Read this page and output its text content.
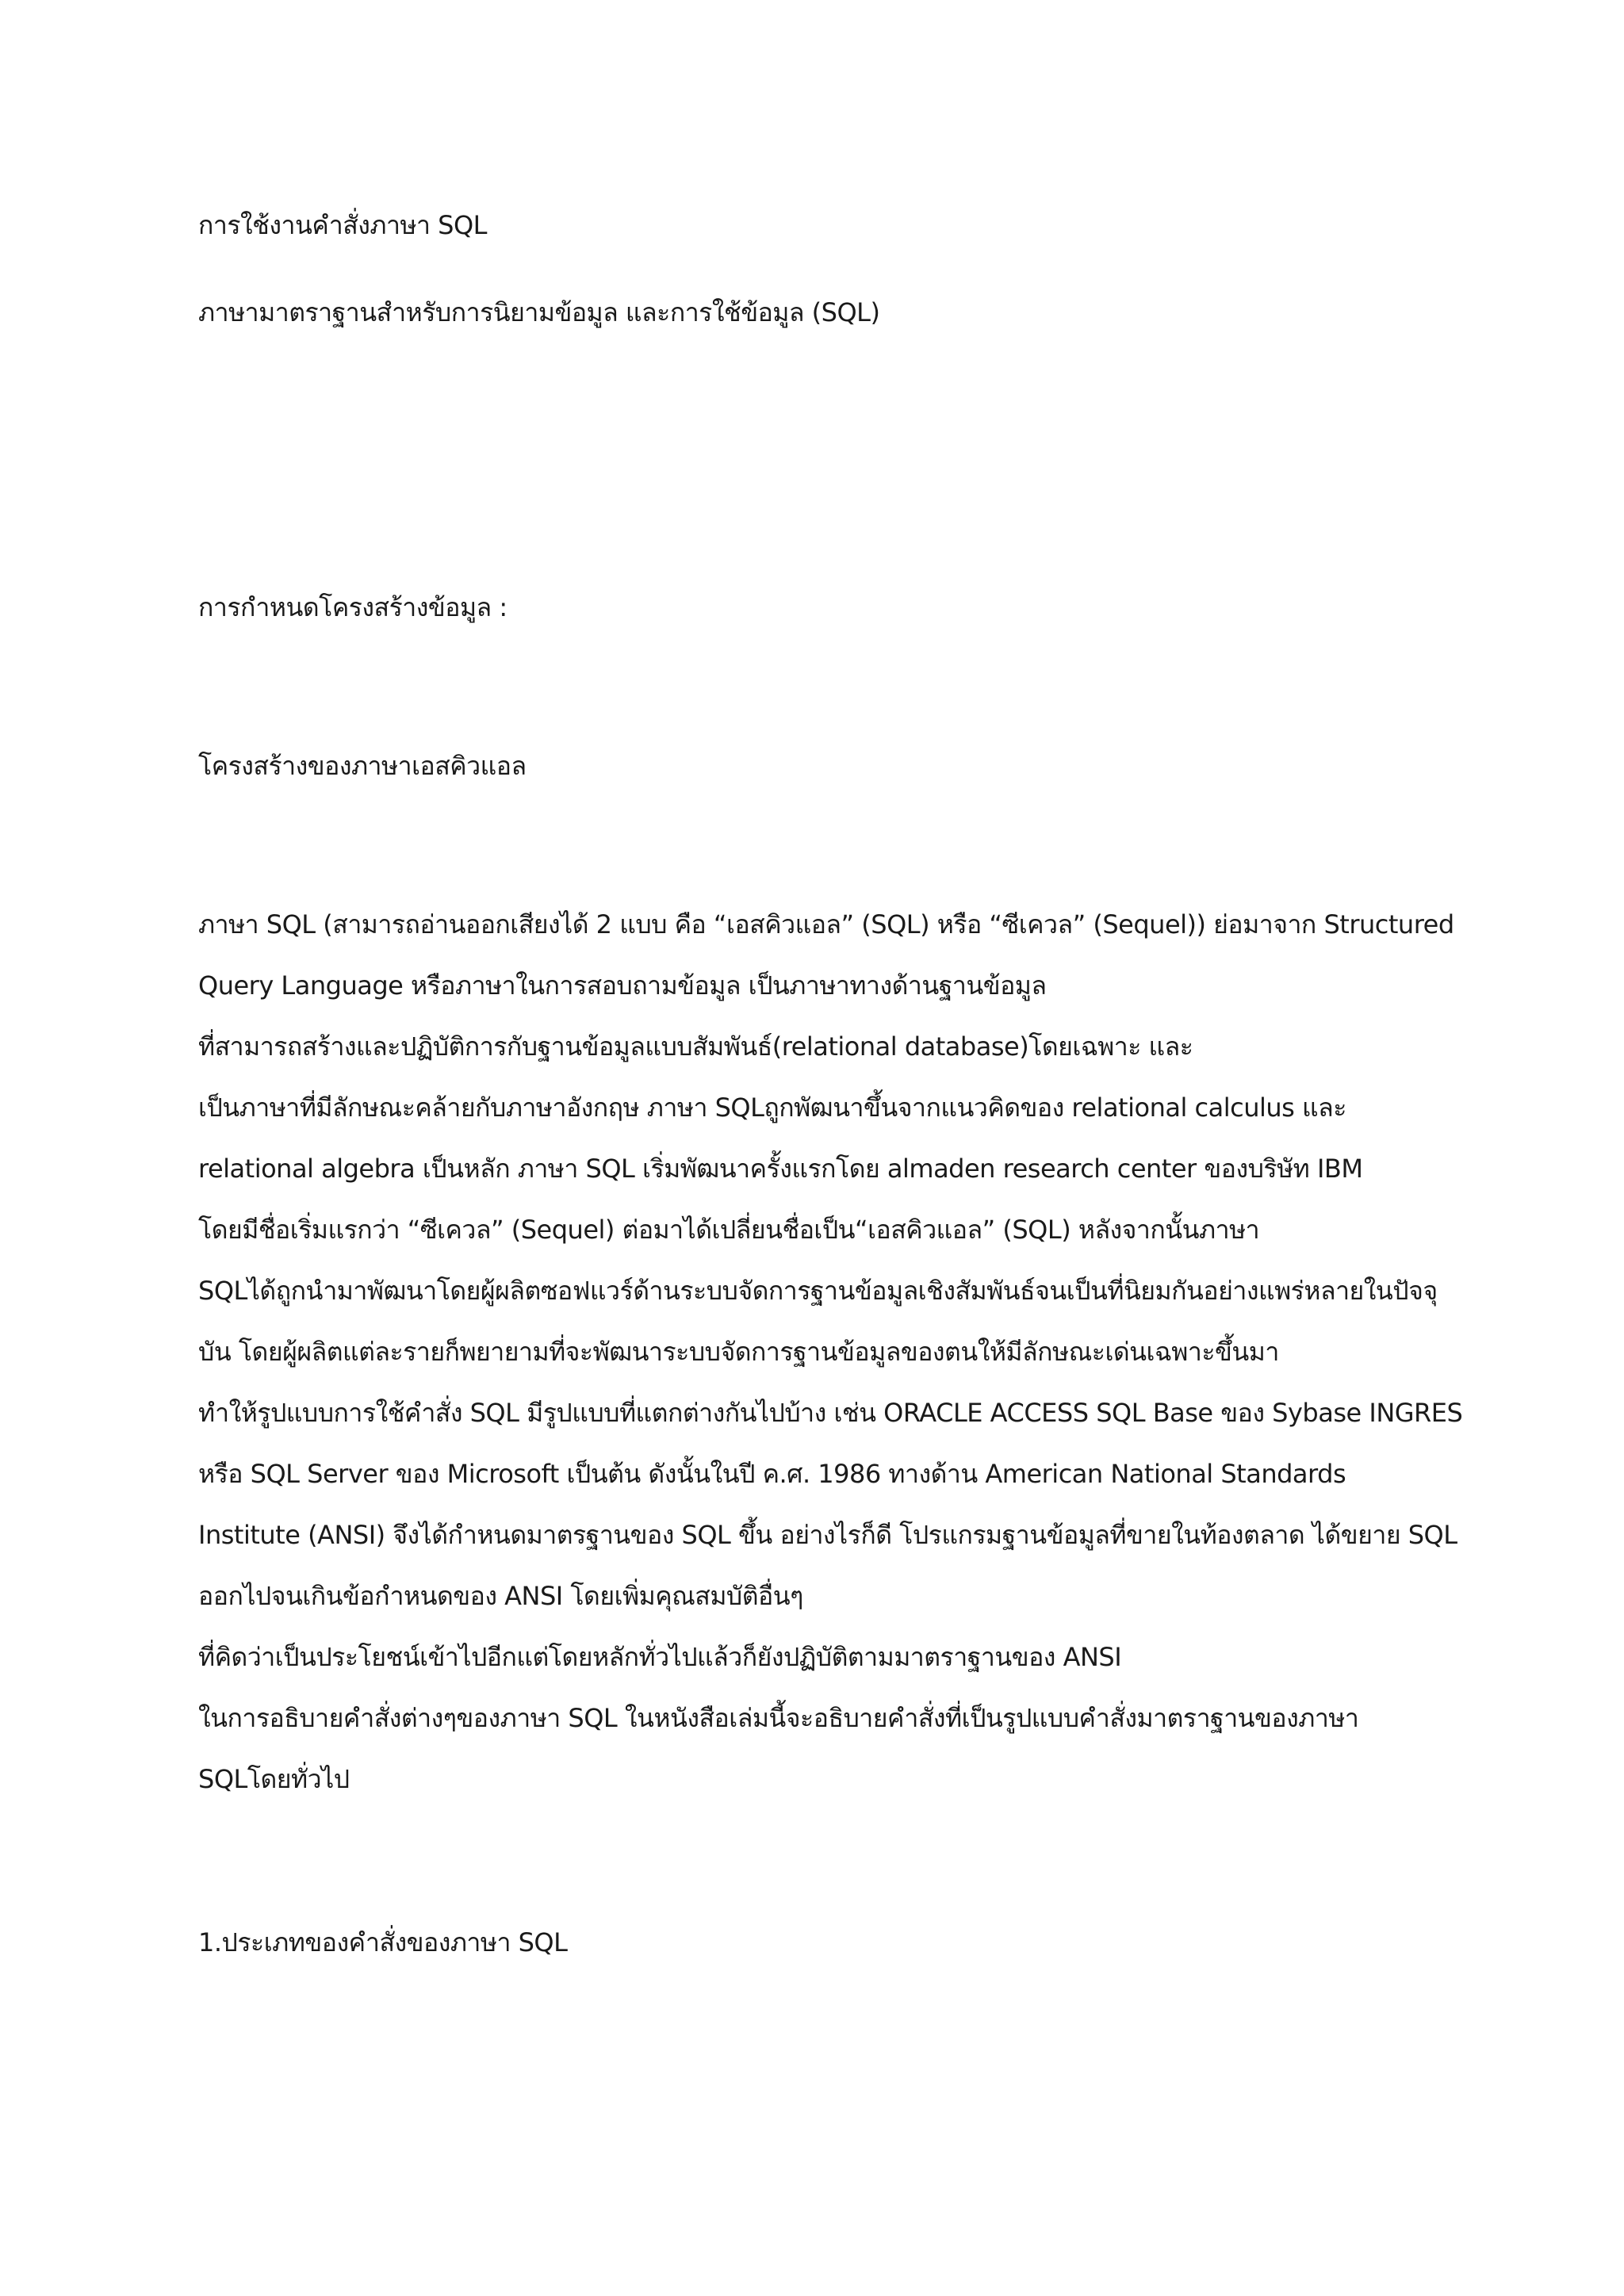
การใช้งานคำสั่งภาษา SQL
ภาษามาตราฐานสำหรับการนิยามข้อมูล และการใช้ข้อมูล (SQL)
การกำหนดโครงสร้างข้อมูล :
โครงสร้างของภาษาเอสคิวแอล
ภาษา SQL (สามารถอ่านออกเสียงได้ 2 แบบ คือ “เอสคิวแอล” (SQL) หรือ “ซีเควล” (Sequel)) ย่อมาจาก Structured
Query Language หรือภาษาในการสอบถามข้อมูล เป็นภาษาทางด้านฐานข้อมูล
ที่สามารถสร้างและปฏิบัติการกับฐานข้อมูลแบบสัมพันธ์(relational database)โดยเฉพาะ และ
เป็นภาษาที่มีลักษณะคล้ายกับภาษาอังกฤษ ภาษา SQLถูกพัฒนาขึ้นจากแนวคิดของ relational calculus และ
relational algebra เป็นหลัก ภาษา SQL เริ่มพัฒนาครั้งแรกโดย almaden research center ของบริษัท IBM
โดยมีชื่อเริ่มแรกว่า “ซีเควล” (Sequel) ต่อมาได้เปลี่ยนชื่อเป็น“เอสคิวแอล” (SQL) หลังจากนั้นภาษา
SQLได้ถูกนำมาพัฒนาโดยผู้ผลิตซอฟแวร์ด้านระบบจัดการฐานข้อมูลเชิงสัมพันธ์จนเป็นที่นิยมกันอย่างแพร่หลายในปัจจุ
บัน โดยผู้ผลิตแต่ละรายก็พยายามที่จะพัฒนาระบบจัดการฐานข้อมูลของตนให้มีลักษณะเด่นเฉพาะขึ้นมา
ทำให้รูปแบบการใช้คำสั่ง SQL มีรูปแบบที่แตกต่างกันไปบ้าง เช่น ORACLE ACCESS SQL Base ของ Sybase INGRES
หรือ SQL Server ของ Microsoft เป็นต้น ดังนั้นในปี ค.ศ. 1986 ทางด้าน American National Standards
Institute (ANSI) จึงได้กำหนดมาตรฐานของ SQL ขึ้น อย่างไรก็ดี โปรแกรมฐานข้อมูลที่ขายในท้องตลาด ได้ขยาย SQL
ออกไปจนเกินข้อกำหนดของ ANSI โดยเพิ่มคุณสมบัติอื่นๆ
ที่คิดว่าเป็นประโยชน์เข้าไปอีกแต่โดยหลักทั่วไปแล้วก็ยังปฏิบัติตามมาตราฐานของ ANSI
ในการอธิบายคำสั่งต่างๆของภาษา SQL ในหนังสือเล่มนี้จะอธิบายคำสั่งที่เป็นรูปแบบคำสั่งมาตราฐานของภาษา
SQLโดยทั่วไป
1.ประเภทของคำสั่งของภาษา SQL
